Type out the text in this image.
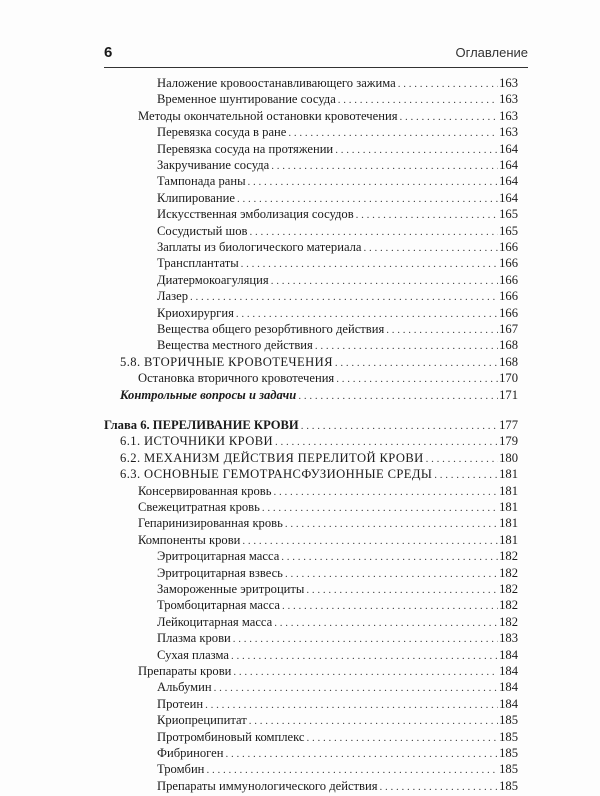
6	Оглавление
Наложение кровоостанавливающего зажима . . .	163
Временное шунтирование сосуда . . .	163
Методы окончательной остановки кровотечения . . .	163
Перевязка сосуда в ране . . .	163
Перевязка сосуда на протяжении . . .	164
Закручивание сосуда . . .	164
Тампонада раны . . .	164
Клипирование . . .	164
Искусственная эмболизация сосудов . . .	165
Сосудистый шов . . .	165
Заплаты из биологического материала . . .	166
Трансплантаты . . .	166
Диатермокоагуляция . . .	166
Лазер . . .	166
Криохирургия . . .	166
Вещества общего резорбтивного действия . . .	167
Вещества местного действия . . .	168
5.8. ВТОРИЧНЫЕ КРОВОТЕЧЕНИЯ . . .	168
Остановка вторичного кровотечения . . .	170
Контрольные вопросы и задачи . . .	171
Глава 6. ПЕРЕЛИВАНИЕ КРОВИ . . .	177
6.1. ИСТОЧНИКИ КРОВИ . . .	179
6.2. МЕХАНИЗМ ДЕЙСТВИЯ ПЕРЕЛИТОЙ КРОВИ . . .	180
6.3. ОСНОВНЫЕ ГЕМОТРАНСФУЗИОННЫЕ СРЕДЫ . . .	181
Консервированная кровь . . .	181
Свежецитратная кровь . . .	181
Гепаринизированная кровь . . .	181
Компоненты крови . . .	181
Эритроцитарная масса . . .	182
Эритроцитарная взвесь . . .	182
Замороженные эритроциты . . .	182
Тромбоцитарная масса . . .	182
Лейкоцитарная масса . . .	182
Плазма крови . . .	183
Сухая плазма . . .	184
Препараты крови . . .	184
Альбумин . . .	184
Протеин . . .	184
Криопреципитат . . .	185
Протромбиновый комплекс . . .	185
Фибриноген . . .	185
Тромбин . . .	185
Препараты иммунологического действия . . .	185
